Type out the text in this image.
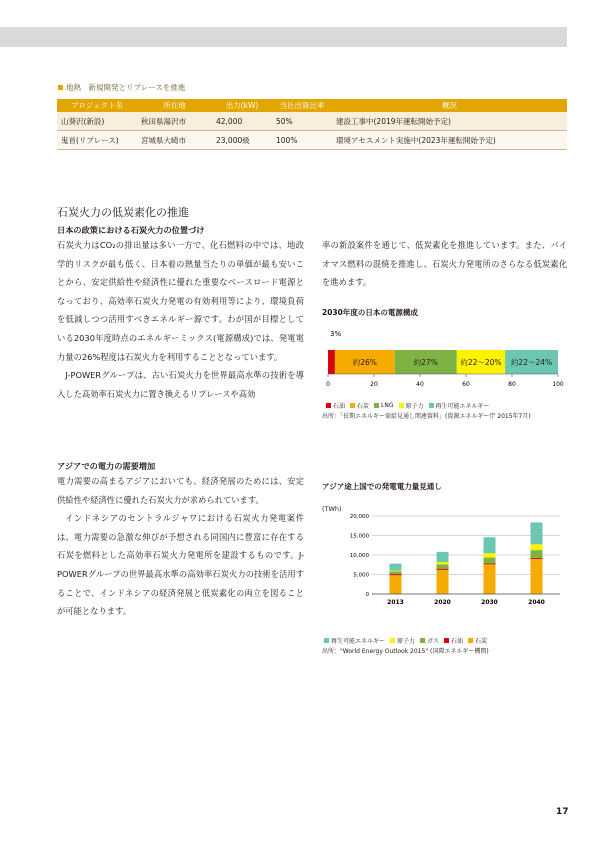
地熱　新規開発とリプレースを推進
プロジェクト名	所在地	出力(kW)	当社出資比率	概況
山葵沢(新設)	秋田県湯沢市	42,000	50%	建設工事中(2019年運転開始予定)
鬼首(リプレース)	宮城県大崎市	23,000級	100%	環境アセスメント実施中(2023年運転開始予定)
石炭火力の低炭素化の推進
日本の政策における石炭火力の位置づけ

石炭火力はCO₂の排出量は多い一方で、化石燃料の中では、地政学的リスクが最も低く、日本着の熱量当たりの単価が最も安いことから、安定供給性や経済性に優れた重要なベースロード電源となっており、高効率石炭火力発電の有効利用等により、環境負荷を低減しつつ活用すべきエネルギー源です。わが国が目標としている2030年度時点のエネルギーミックス(電源構成)では、発電電力量の26%程度は石炭火力を利用することとなっています。

J-POWERグループは、古い石炭火力を世界最高水準の技術を導入した高効率石炭火力に置き換えるリプレースや高効

率の新設案件を通じて、低炭素化を推進しています。また、バイオマス燃料の混焼を推進し、石炭火力発電所のさらなる低炭素化を進めます。

アジアでの電力の需要増加

電力需要の高まるアジアにおいても、経済発展のためには、安定供給性や経済性に優れた石炭火力が求められています。

インドネシアのセントラルジャワにおける石炭火力発電案件は、電力需要の急激な伸びが予想される同国内に豊富に存在する石炭を燃料とした高効率石炭火力発電所を建設するものです。J-POWERグループの世界最高水準の高効率石炭火力の技術を活用することで、インドネシアの経済発展と低炭素化の両立を図ることが可能となります。

2030年度の日本の電源構成
3%
約26%	約27%	約22～20% 約22～24%
0	20	40	60	80	100
石油 石炭 LNG 原子力 再生可能エネルギー
出所：「長期エネルギー需給見通し関連資料」(資源エネルギー庁 2015年7月)
アジア途上国での発電電力量見通し
(TWh)
0
5,000
10,000
15,000
20,000
2013	2020	2030	2040
再生可能エネルギー 原子力 ガス 石油 石炭
出所："World Energy Outlook 2015" (国際エネルギー機関)
17
